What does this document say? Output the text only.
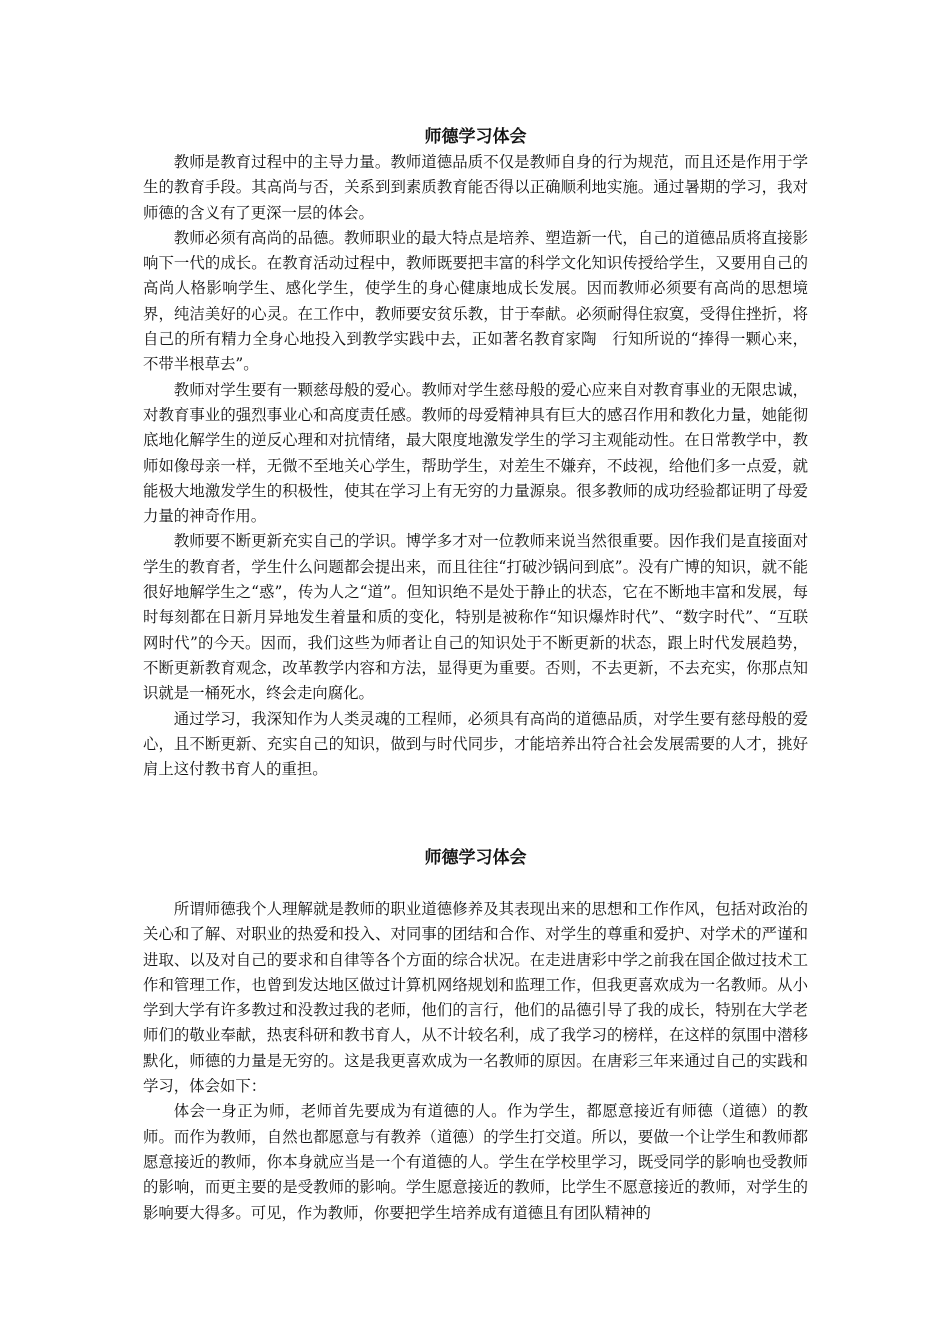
师德学习体会

教师是教育过程中的主导力量。教师道德品质不仅是教师自身的行为规范，而且还是作用于学生的教育手段。其高尚与否，关系到到素质教育能否得以正确顺利地实施。通过暑期的学习，我对师德的含义有了更深一层的体会。

教师必须有高尚的品德。教师职业的最大特点是培养、塑造新一代，自己的道德品质将直接影响下一代的成长。在教育活动过程中，教师既要把丰富的科学文化知识传授给学生，又要用自己的高尚人格影响学生、感化学生，使学生的身心健康地成长发展。因而教师必须要有高尚的思想境界，纯洁美好的心灵。在工作中，教师要安贫乐教，甘于奉献。必须耐得住寂寞，受得住挫折，将自己的所有精力全身心地投入到教学实践中去，正如著名教育家陶　行知所说的“捧得一颗心来，不带半根草去”。

教师对学生要有一颗慈母般的爱心。教师对学生慈母般的爱心应来自对教育事业的无限忠诚，对教育事业的强烈事业心和高度责任感。教师的母爱精神具有巨大的感召作用和教化力量，她能彻底地化解学生的逆反心理和对抗情绪，最大限度地激发学生的学习主观能动性。在日常教学中，教师如像母亲一样，无微不至地关心学生，帮助学生，对差生不嫌弃，不歧视，给他们多一点爱，就能极大地激发学生的积极性，使其在学习上有无穷的力量源泉。很多教师的成功经验都证明了母爱力量的神奇作用。

教师要不断更新充实自己的学识。博学多才对一位教师来说当然很重要。因作我们是直接面对学生的教育者，学生什么问题都会提出来，而且往往“打破沙锅问到底”。没有广博的知识，就不能很好地解学生之“惑”，传为人之“道”。但知识绝不是处于静止的状态，它在不断地丰富和发展，每时每刻都在日新月异地发生着量和质的变化，特别是被称作“知识爆炸时代”、“数字时代”、“互联网时代”的今天。因而，我们这些为师者让自己的知识处于不断更新的状态，跟上时代发展趋势，不断更新教育观念，改革教学内容和方法，显得更为重要。否则，不去更新，不去充实，你那点知识就是一桶死水，终会走向腐化。

通过学习，我深知作为人类灵魂的工程师，必须具有高尚的道德品质，对学生要有慈母般的爱心，且不断更新、充实自己的知识，做到与时代同步，才能培养出符合社会发展需要的人才，挑好肩上这付教书育人的重担。

师德学习体会

所谓师德我个人理解就是教师的职业道德修养及其表现出来的思想和工作作风，包括对政治的关心和了解、对职业的热爱和投入、对同事的团结和合作、对学生的尊重和爱护、对学术的严谨和进取、以及对自己的要求和自律等各个方面的综合状况。在走进唐彩中学之前我在国企做过技术工作和管理工作，也曾到发达地区做过计算机网络规划和监理工作，但我更喜欢成为一名教师。从小学到大学有许多教过和没教过我的老师，他们的言行，他们的品德引导了我的成长，特别在大学老师们的敬业奉献，热衷科研和教书育人，从不计较名利，成了我学习的榜样，在这样的氛围中潜移默化，师德的力量是无穷的。这是我更喜欢成为一名教师的原因。在唐彩三年来通过自己的实践和学习，体会如下：

体会一身正为师，老师首先要成为有道德的人。作为学生，都愿意接近有师德（道德）的教师。而作为教师，自然也都愿意与有教养（道德）的学生打交道。所以，要做一个让学生和教师都愿意接近的教师，你本身就应当是一个有道德的人。学生在学校里学习，既受同学的影响也受教师的影响，而更主要的是受教师的影响。学生愿意接近的教师，比学生不愿意接近的教师，对学生的影响要大得多。可见，作为教师，你要把学生培养成有道德且有团队精神的
